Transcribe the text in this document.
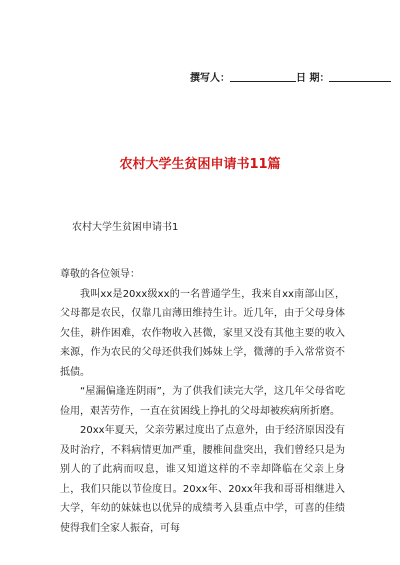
撰写人：	日 期：
农村大学生贫困申请书11篇
农村大学生贫困申请书1

尊敬的各位领导：

我叫xx是20xx级xx的一名普通学生，我来自xx南部山区，父母都是农民，仅靠几亩薄田维持生计。近几年，由于父母身体欠佳，耕作困难，农作物收入甚微，家里又没有其他主要的收入来源，作为农民的父母还供我们姊妹上学，微薄的手入常常资不抵债。

“屋漏偏逢连阴雨”，为了供我们读完大学，这几年父母省吃俭用，艰苦劳作，一直在贫困线上挣扎的父母却被疾病所折磨。

20xx年夏天，父亲劳累过度出了点意外，由于经济原因没有及时治疗，不料病情更加严重，腰椎间盘突出，我们曾经只是为别人的了此病而叹息，谁又知道这样的不幸却降临在父亲上身上，我们只能以节俭度日。20xx年、20xx年我和哥哥相继进入大学，年幼的妹妹也以优异的成绩考入县重点中学，可喜的佳绩使得我们全家人振奋，可每
